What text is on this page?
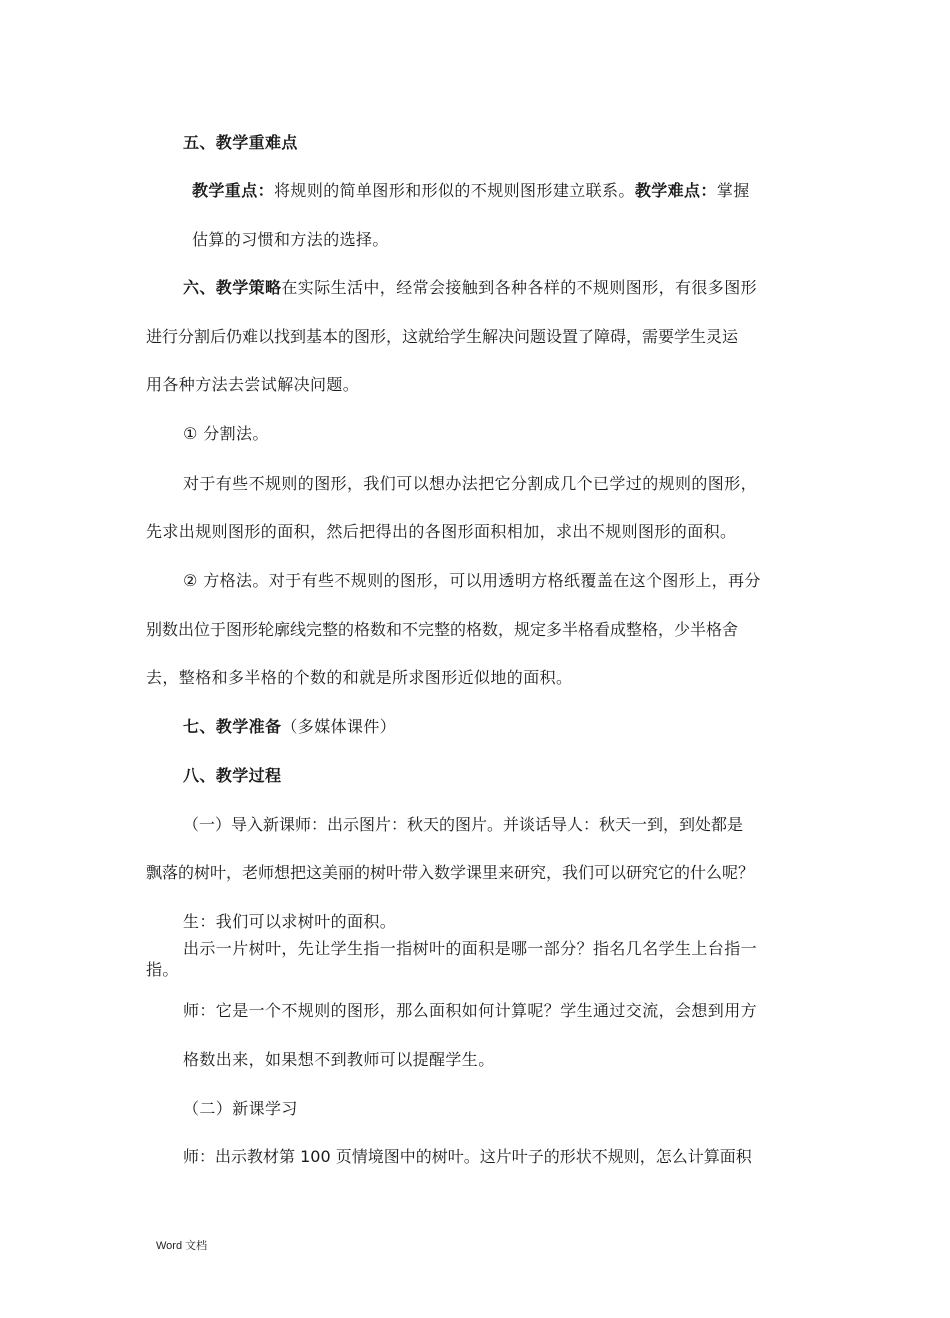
五、教学重难点
教学重点：将规则的简单图形和形似的不规则图形建立联系。教学难点：掌握
估算的习惯和方法的选择。
六、教学策略在实际生活中，经常会接触到各种各样的不规则图形，有很多图形
进行分割后仍难以找到基本的图形，这就给学生解决问题设置了障碍，需要学生灵运
用各种方法去尝试解决问题。
① 分割法。
对于有些不规则的图形，我们可以想办法把它分割成几个已学过的规则的图形，
先求出规则图形的面积，然后把得出的各图形面积相加，求出不规则图形的面积。
② 方格法。对于有些不规则的图形，可以用透明方格纸覆盖在这个图形上，再分
别数出位于图形轮廓线完整的格数和不完整的格数，规定多半格看成整格，少半格舍
去，整格和多半格的个数的和就是所求图形近似地的面积。
七、教学准备（多媒体课件）
八、教学过程
（一）导入新课师：出示图片：秋天的图片。并谈话导人：秋天一到，到处都是
飘落的树叶，老师想把这美丽的树叶带入数学课里来研究，我们可以研究它的什么呢？
生：我们可以求树叶的面积。
出示一片树叶，先让学生指一指树叶的面积是哪一部分？指名几名学生上台指一
指。
师：它是一个不规则的图形，那么面积如何计算呢？学生通过交流，会想到用方
格数出来，如果想不到教师可以提醒学生。
（二）新课学习
师：出示教材第 100 页情境图中的树叶。这片叶子的形状不规则，怎么计算面积
Word 文档
